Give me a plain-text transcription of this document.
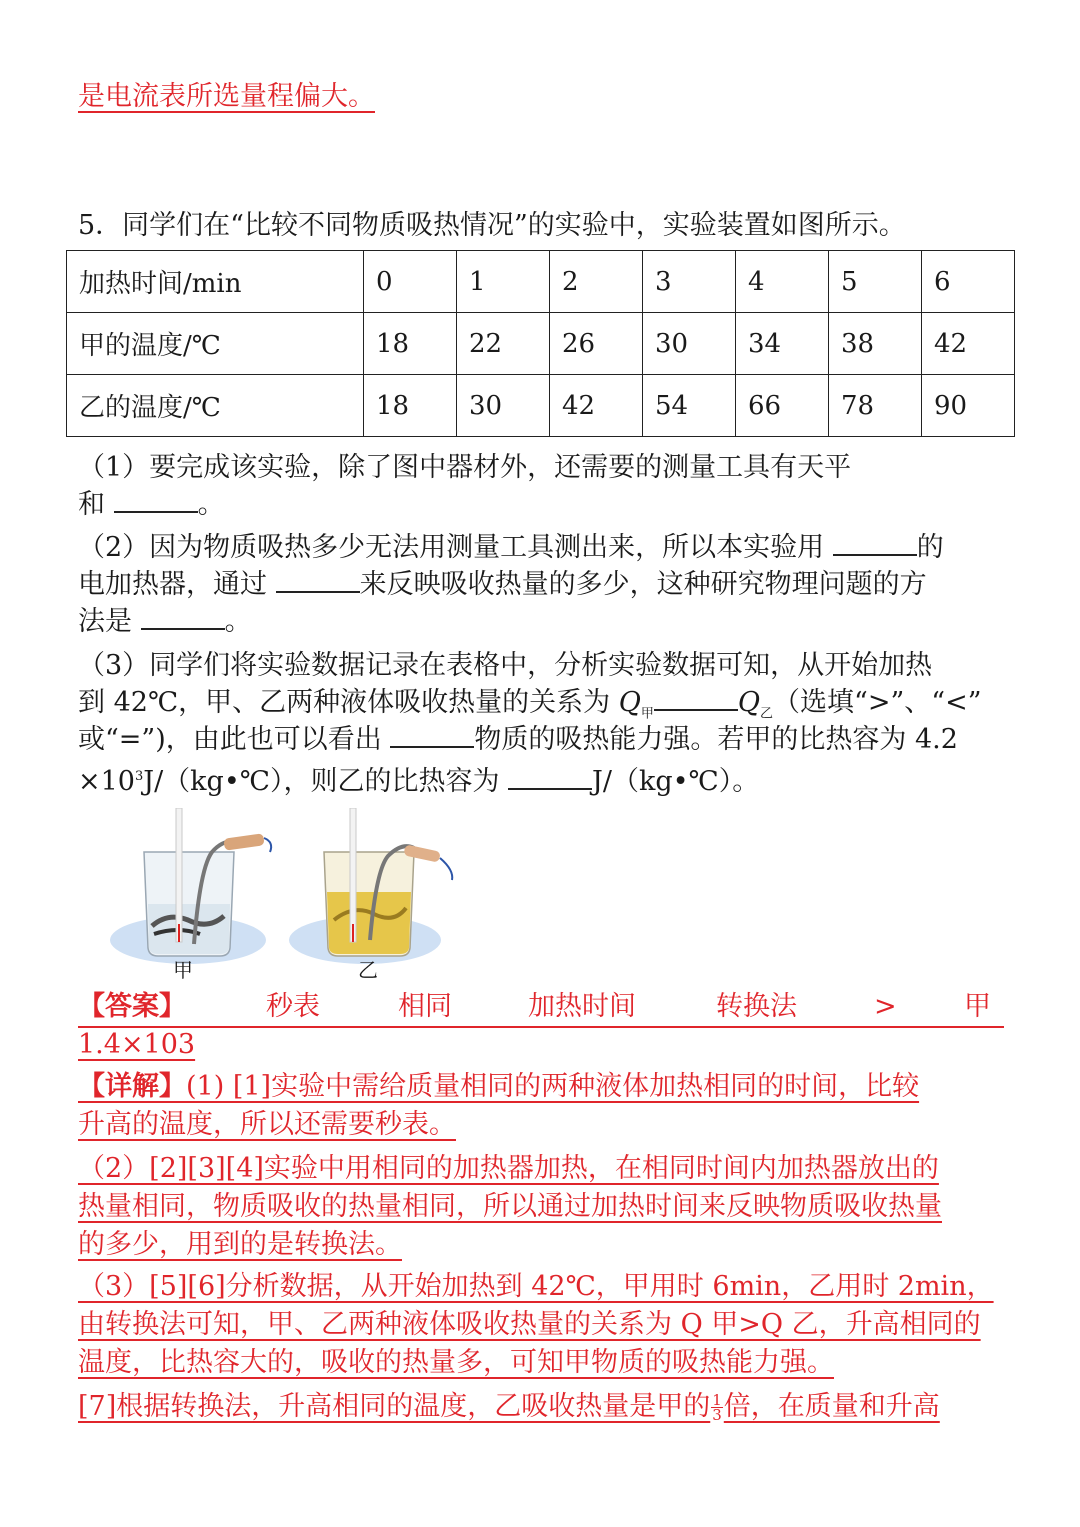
是电流表所选量程偏大。
5．同学们在“比较不同物质吸热情况”的实验中，实验装置如图所示。
加热时间/min	0	1	2	3	4	5	6
甲的温度/℃	18	22	26	30	34	38	42
乙的温度/℃	18	30	42	54	66	78	90
（1）要完成该实验，除了图中器材外，还需要的测量工具有天平
和	。
（2）因为物质吸热多少无法用测量工具测出来，所以本实验用	的
电加热器，通过	来反映吸收热量的多少，这种研究物理问题的方
法是	。
（3）同学们将实验数据记录在表格中，分析实验数据可知，从开始加热
到 42℃，甲、乙两种液体吸收热量的关系为 $Q_甲$	$Q_乙$（选填“>”、“<”
或“=”)，由此也可以看出	物质的吸热能力强。若甲的比热容为 4.2
$\times 10^3J/(kg•℃)$，则乙的比热容为	J/（kg•℃）。
甲	乙
【答案】	秒表	相同	加热时间	转换法	> 甲
1.4×103
【详解】(1) [1]实验中需给质量相同的两种液体加热相同的时间，比较
升高的温度，所以还需要秒表。
（2）[2][3][4]实验中用相同的加热器加热，在相同时间内加热器放出的
热量相同，物质吸收的热量相同，所以通过加热时间来反映物质吸收热量
的多少，用到的是转换法。
（3）[5][6]分析数据，从开始加热到 42℃，甲用时 6min，乙用时 2min，
由转换法可知，甲、乙两种液体吸收热量的关系为 Q 甲>Q 乙，升高相同的
温度，比热容大的，吸收的热量多，可知甲物质的吸热能力强。
[7]根据转换法，升高相同的温度，乙吸收热量是甲的 $\frac{1}{3}$ 倍，在质量和升高
